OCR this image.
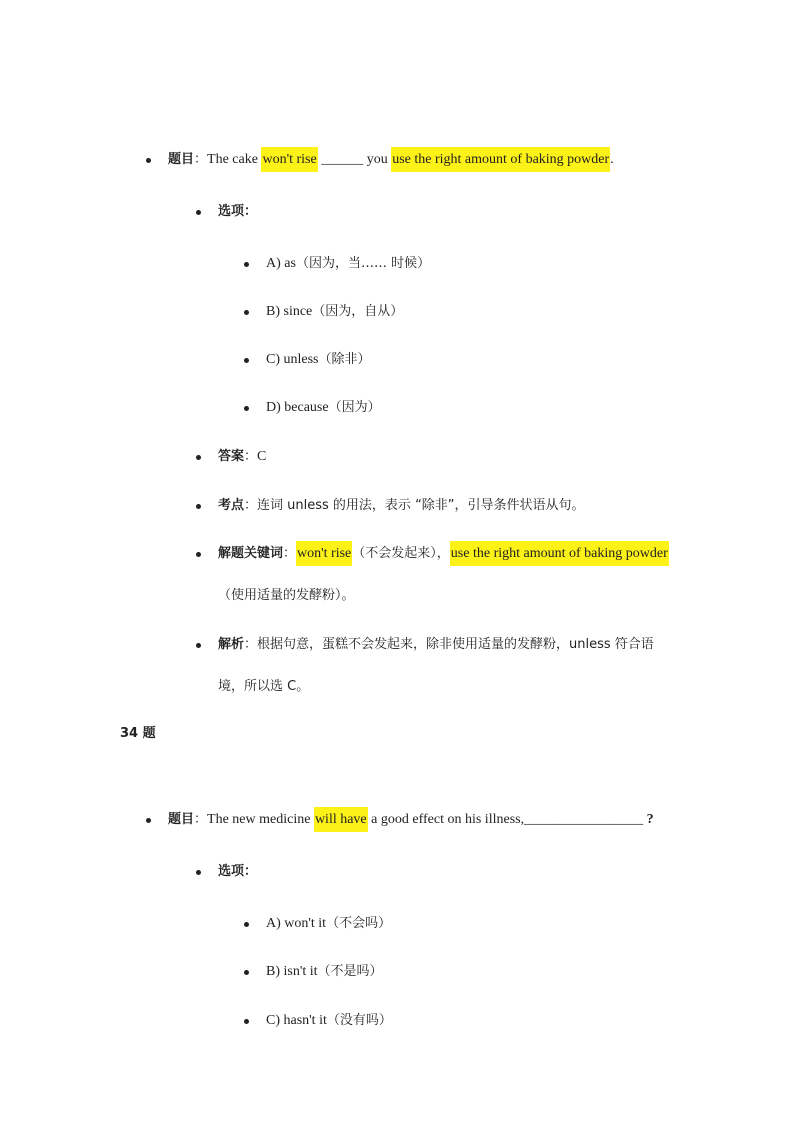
题目：The cake won't rise ______ you use the right amount of baking powder.
选项：
A) as（因为，当…… 时候）
B) since（因为，自从）
C) unless（除非）
D) because（因为）
答案：C
考点：连词 unless 的用法，表示 “除非”，引导条件状语从句。
解题关键词：won't rise（不会发起来），use the right amount of baking powder
（使用适量的发酵粉）。
解析：根据句意，蛋糕不会发起来，除非使用适量的发酵粉，unless 符合语
境，所以选 C。
34 题
题目：The new medicine will have a good effect on his illness,_________________ ?
选项：
A) won't it（不会吗）
B) isn't it（不是吗）
C) hasn't it（没有吗）
